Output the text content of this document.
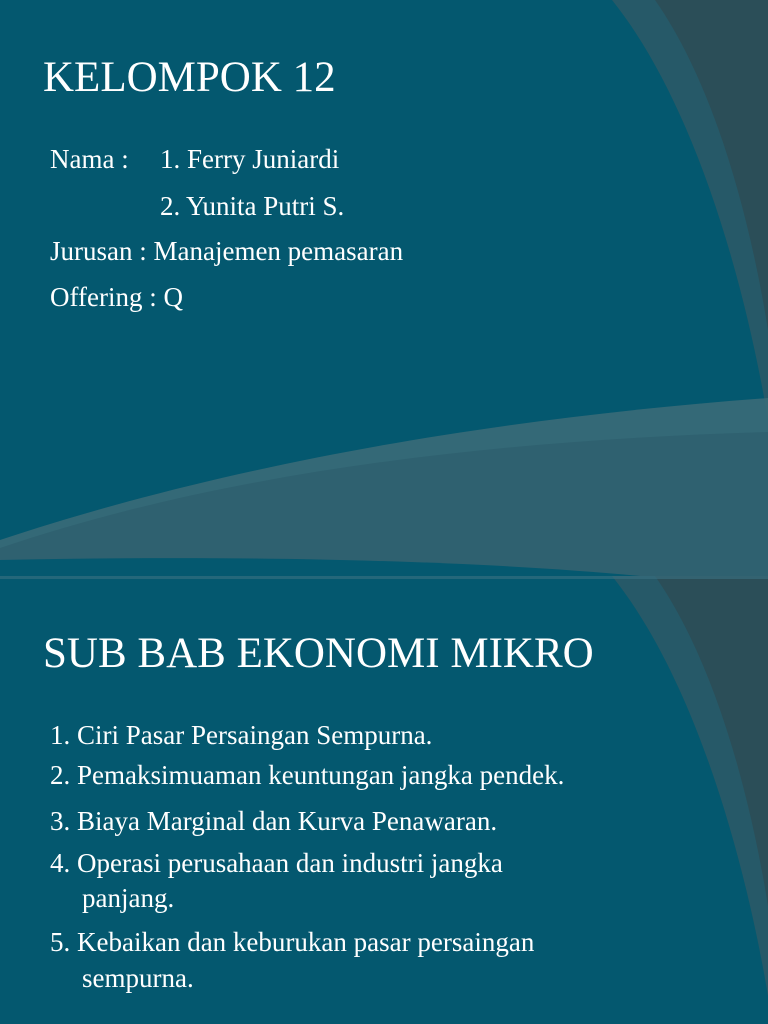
KELOMPOK 12
Nama : 1. Ferry Juniardi
2. Yunita Putri S.
Jurusan : Manajemen pemasaran
Offering : Q
SUB BAB EKONOMI MIKRO
1. Ciri Pasar Persaingan Sempurna.
2. Pemaksimuaman keuntungan jangka pendek.
3. Biaya Marginal dan Kurva Penawaran.
4. Operasi perusahaan dan industri jangka
panjang.
5. Kebaikan dan keburukan pasar persaingan
sempurna.
